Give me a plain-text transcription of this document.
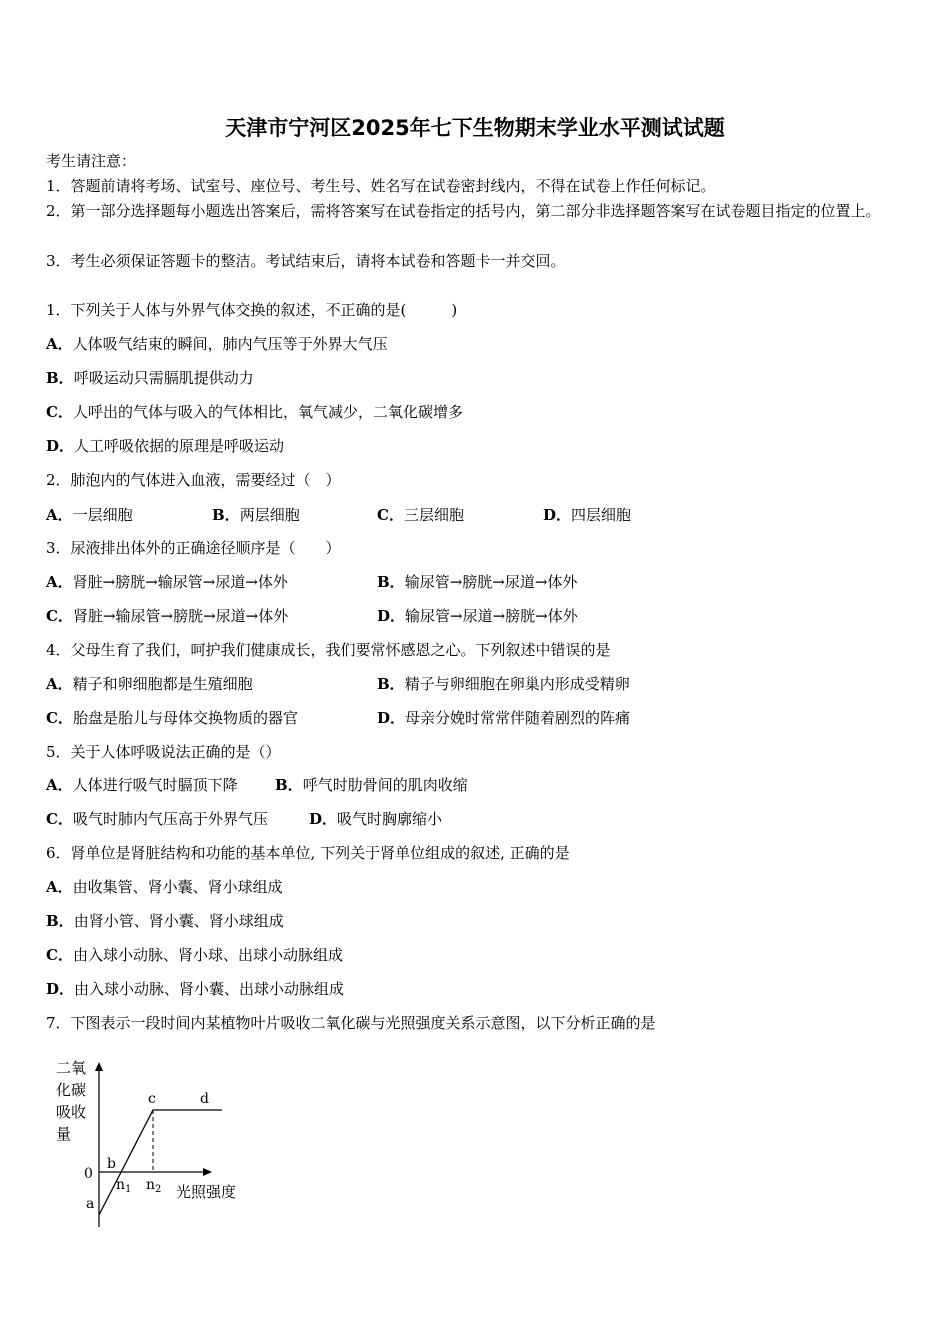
天津市宁河区2025年七下生物期末学业水平测试试题
考生请注意：
1．答题前请将考场、试室号、座位号、考生号、姓名写在试卷密封线内，不得在试卷上作任何标记。
2．第一部分选择题每小题选出答案后，需将答案写在试卷指定的括号内，第二部分非选择题答案写在试卷题目指定的位置上。
3．考生必须保证答题卡的整洁。考试结束后，请将本试卷和答题卡一并交回。
1．下列关于人体与外界气体交换的叙述，不正确的是(　　　)
A．人体吸气结束的瞬间，肺内气压等于外界大气压
B．呼吸运动只需膈肌提供动力
C．人呼出的气体与吸入的气体相比，氧气减少，二氧化碳增多
D．人工呼吸依据的原理是呼吸运动
2．肺泡内的气体进入血液，需要经过（　）
A．一层细胞	B．两层细胞	C．三层细胞	D．四层细胞
3．尿液排出体外的正确途径顺序是（　　）
A．肾脏→膀胱→输尿管→尿道→体外	B．输尿管→膀胱→尿道→体外
C．肾脏→输尿管→膀胱→尿道→体外	D．输尿管→尿道→膀胱→体外
4．父母生育了我们，呵护我们健康成长，我们要常怀感恩之心。下列叙述中错误的是
A．精子和卵细胞都是生殖细胞	B．精子与卵细胞在卵巢内形成受精卵
C．胎盘是胎儿与母体交换物质的器官	D．母亲分娩时常常伴随着剧烈的阵痛
5．关于人体呼吸说法正确的是（）
A．人体进行吸气时膈顶下降 B．呼气时肋骨间的肌肉收缩
C．吸气时肺内气压高于外界气压	D．吸气时胸廓缩小
6．肾单位是肾脏结构和功能的基本单位, 下列关于肾单位组成的叙述, 正确的是
A．由收集管、肾小囊、肾小球组成
B．由肾小管、肾小囊、肾小球组成
C．由入球小动脉、肾小球、出球小动脉组成
D．由入球小动脉、肾小囊、出球小动脉组成
7．下图表示一段时间内某植物叶片吸收二氧化碳与光照强度关系示意图，以下分析正确的是
二氧
化碳
吸收
量
0
a
b
c	d
$n_1$ $n_2$ 光照强度
